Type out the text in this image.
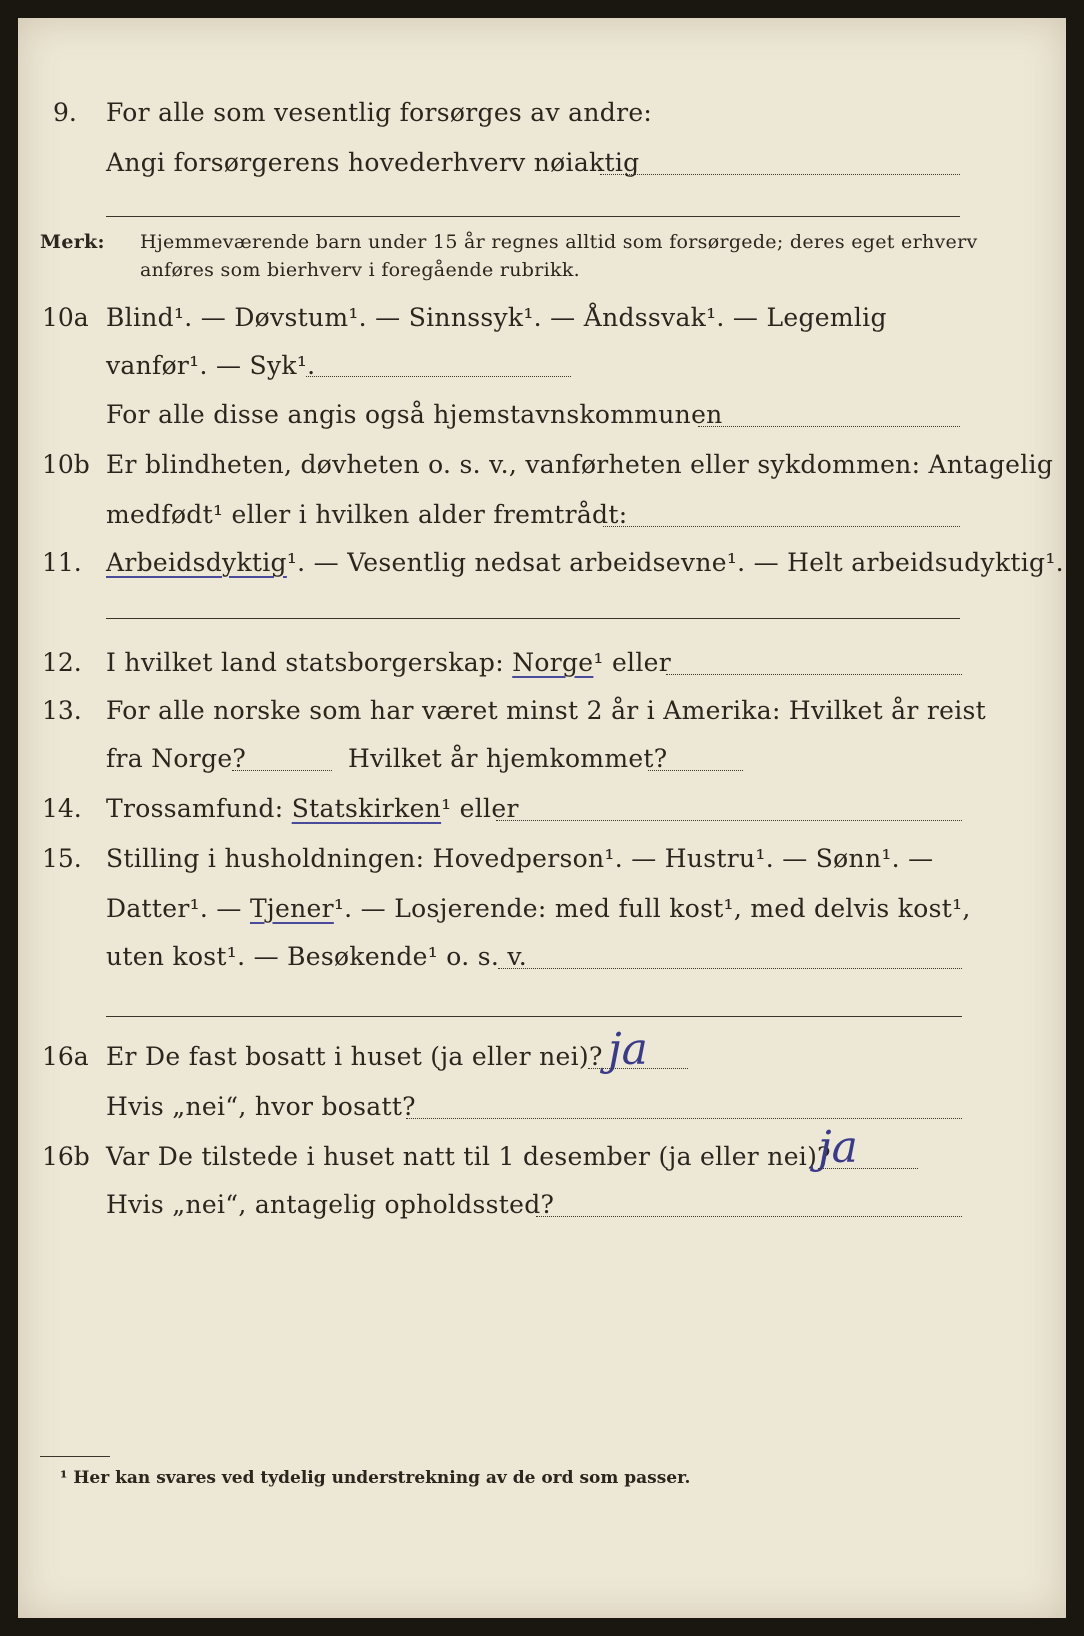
9. For alle som vesentlig forsørges av andre:
Angi forsørgerens hovederhverv nøiaktig
Merk: Hjemmeværende barn under 15 år regnes alltid som forsørgede; deres eget erhverv
anføres som bierhverv i foregående rubrikk.
10a Blind¹. — Døvstum¹. — Sinnssyk¹. — Åndssvak¹. — Legemlig
vanfør¹. — Syk¹.
For alle disse angis også hjemstavnskommunen
10b Er blindheten, døvheten o. s. v., vanførheten eller sykdommen: Antagelig
medfødt¹ eller i hvilken alder fremtrådt:
11. Arbeidsdyktig¹. — Vesentlig nedsat arbeidsevne¹. — Helt arbeidsudyktig¹.
12. I hvilket land statsborgerskap: Norge¹ eller
13. For alle norske som har været minst 2 år i Amerika: Hvilket år reist
fra Norge?	Hvilket år hjemkommet?
14. Trossamfund: Statskirken¹ eller
15. Stilling i husholdningen: Hovedperson¹. — Hustru¹. — Sønn¹. —
Datter¹. — Tjener¹. — Losjerende: med full kost¹, med delvis kost¹,
uten kost¹. — Besøkende¹ o. s. v.
16a Er De fast bosatt i huset (ja eller nei)? ja
Hvis „nei“, hvor bosatt?
16b Var De tilstede i huset natt til 1 desember (ja eller nei)?
ja
Hvis „nei“, antagelig opholdssted?
¹ Her kan svares ved tydelig understrekning av de ord som passer.
